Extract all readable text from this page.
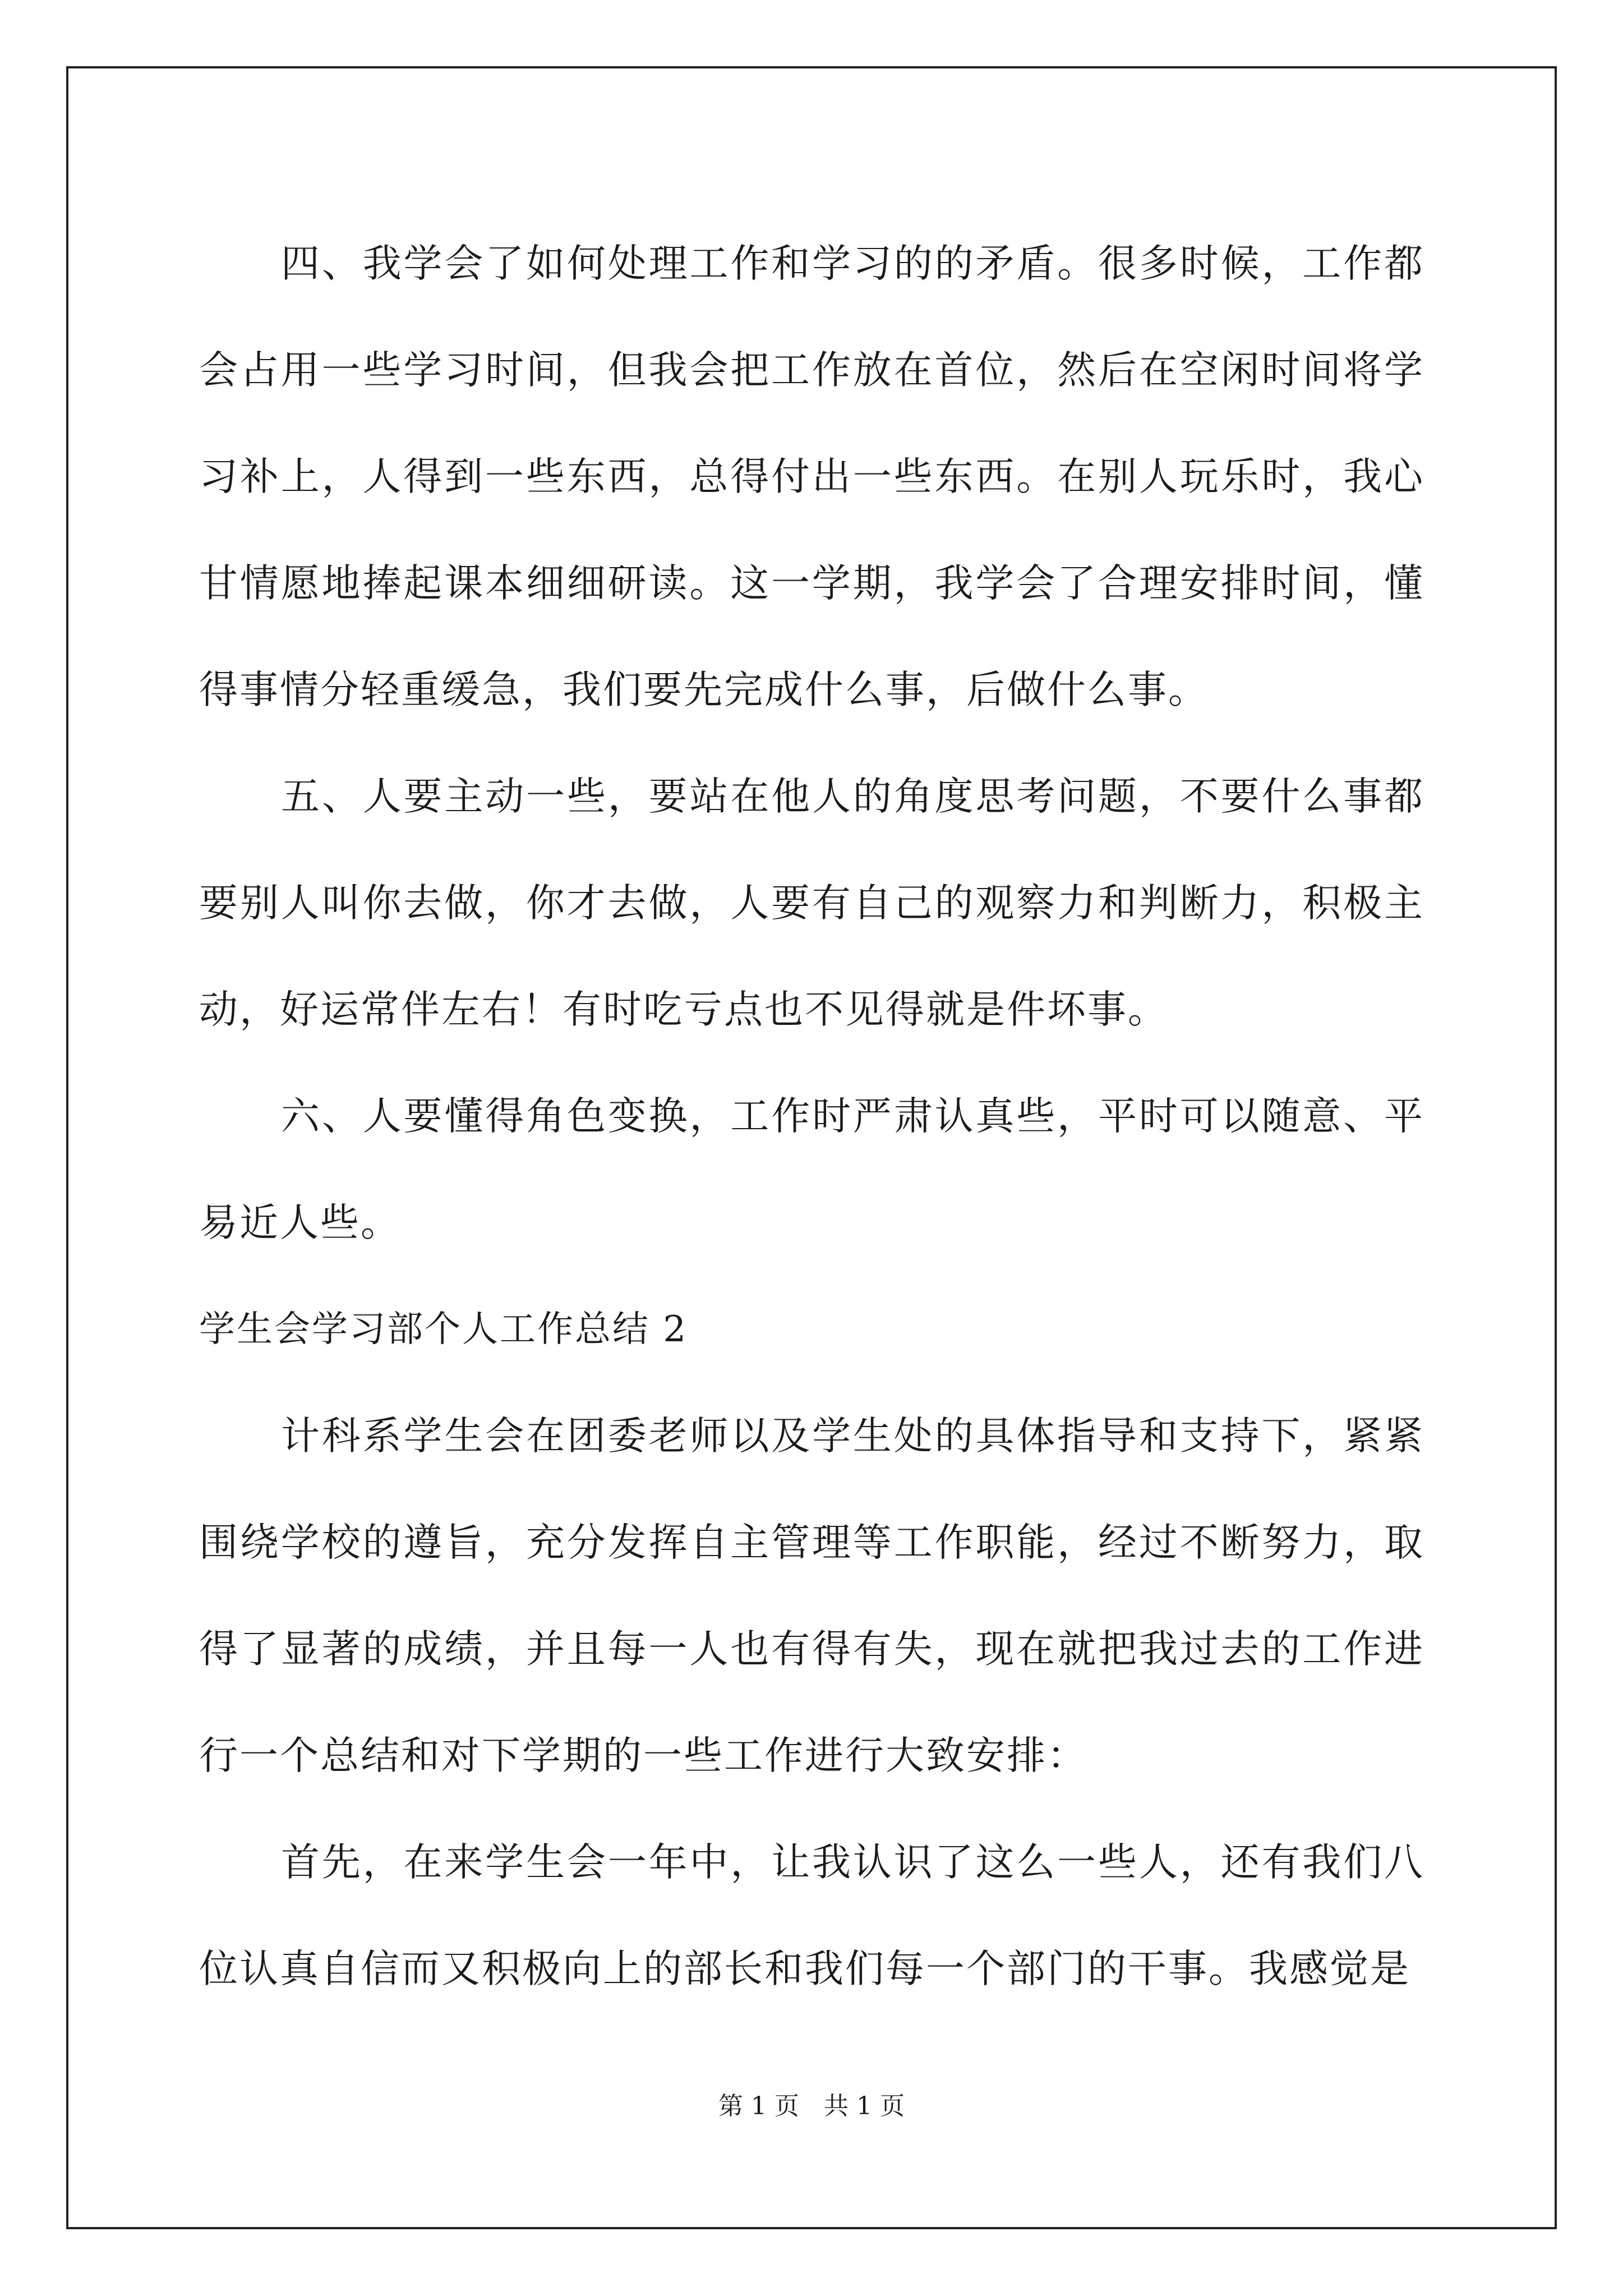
四、我学会了如何处理工作和学习的的矛盾。很多时候，工作都会占用一些学习时间，但我会把工作放在首位，然后在空闲时间将学习补上，人得到一些东西，总得付出一些东西。在别人玩乐时，我心甘情愿地捧起课本细细研读。这一学期，我学会了合理安排时间，懂得事情分轻重缓急，我们要先完成什么事，后做什么事。

五、人要主动一些，要站在他人的角度思考问题，不要什么事都要别人叫你去做，你才去做，人要有自己的观察力和判断力，积极主动，好运常伴左右！有时吃亏点也不见得就是件坏事。

六、人要懂得角色变换，工作时严肃认真些，平时可以随意、平易近人些。

学生会学习部个人工作总结 2

计科系学生会在团委老师以及学生处的具体指导和支持下，紧紧围绕学校的遵旨，充分发挥自主管理等工作职能，经过不断努力，取得了显著的成绩，并且每一人也有得有失，现在就把我过去的工作进行一个总结和对下学期的一些工作进行大致安排：

首先，在来学生会一年中，让我认识了这么一些人，还有我们八位认真自信而又积极向上的部长和我们每一个部门的干事。我感觉是

第 1 页 共 1 页
